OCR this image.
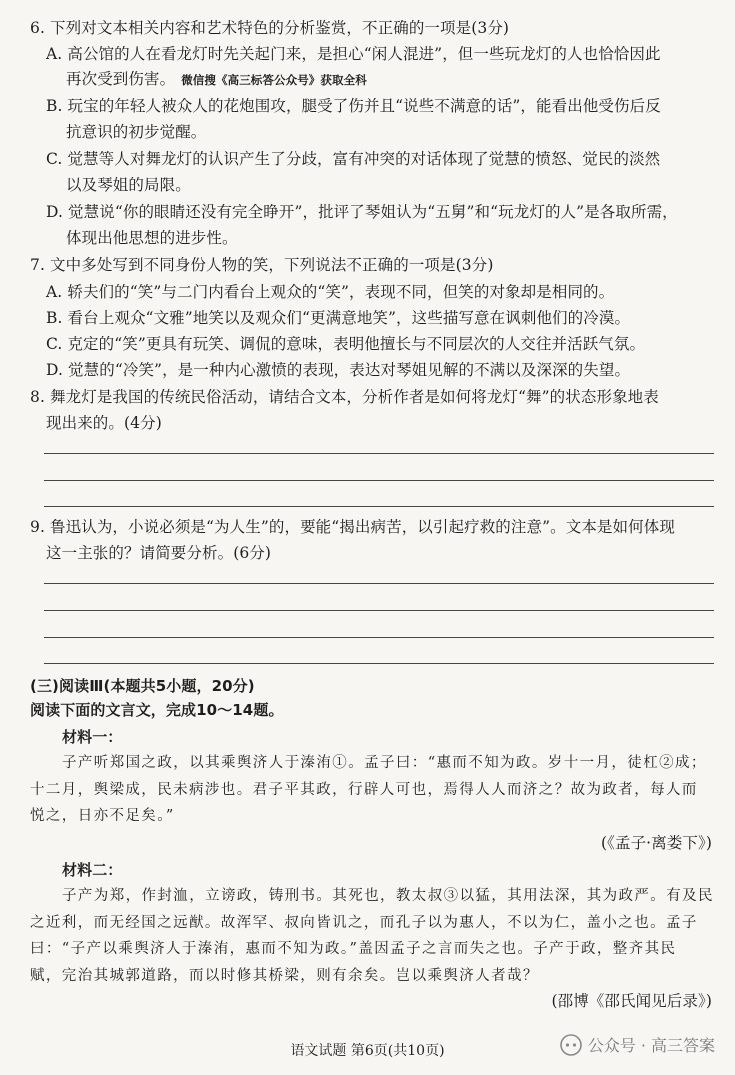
6. 下列对文本相关内容和艺术特色的分析鉴赏，不正确的一项是(3分)
A. 高公馆的人在看龙灯时先关起门来，是担心“闲人混进”，但一些玩龙灯的人也恰恰因此
再次受到伤害。 微信搜《高三标答公众号》获取全科
B. 玩宝的年轻人被众人的花炮围攻，腿受了伤并且“说些不满意的话”，能看出他受伤后反
抗意识的初步觉醒。
C. 觉慧等人对舞龙灯的认识产生了分歧，富有冲突的对话体现了觉慧的愤怒、觉民的淡然
以及琴姐的局限。
D. 觉慧说“你的眼睛还没有完全睁开”，批评了琴姐认为“五舅”和“玩龙灯的人”是各取所需，
体现出他思想的进步性。
7. 文中多处写到不同身份人物的笑，下列说法不正确的一项是(3分)
A. 轿夫们的“笑”与二门内看台上观众的“笑”，表现不同，但笑的对象却是相同的。
B. 看台上观众“文雅”地笑以及观众们“更满意地笑”，这些描写意在讽刺他们的冷漠。
C. 克定的“笑”更具有玩笑、调侃的意味，表明他擅长与不同层次的人交往并活跃气氛。
D. 觉慧的“冷笑”，是一种内心激愤的表现，表达对琴姐见解的不满以及深深的失望。
8. 舞龙灯是我国的传统民俗活动，请结合文本，分析作者是如何将龙灯“舞”的状态形象地表
现出来的。(4分)
9. 鲁迅认为，小说必须是“为人生”的，要能“揭出病苦，以引起疗救的注意”。文本是如何体现
这一主张的？请简要分析。(6分)
(三)阅读Ⅲ(本题共5小题，20分)
阅读下面的文言文，完成10～14题。
材料一：
子产听郑国之政，以其乘舆济人于溱洧①。孟子曰：“惠而不知为政。岁十一月，徒杠②成；
十二月，舆梁成，民未病涉也。君子平其政，行辟人可也，焉得人人而济之？故为政者，每人而
悦之，日亦不足矣。”
(《孟子·离娄下》)
材料二：
子产为郑，作封洫，立谤政，铸刑书。其死也，教太叔③以猛，其用法深，其为政严。有及民
之近利，而无经国之远猷。故浑罕、叔向皆讥之，而孔子以为惠人，不以为仁，盖小之也。孟子
曰：“子产以乘舆济人于溱洧，惠而不知为政。”盖因孟子之言而失之也。子产于政，整齐其民
赋，完治其城郭道路，而以时修其桥梁，则有余矣。岂以乘舆济人者哉？
(邵博《邵氏闻见后录》)
语文试题 第6页(共10页)	公众号 · 高三答案
